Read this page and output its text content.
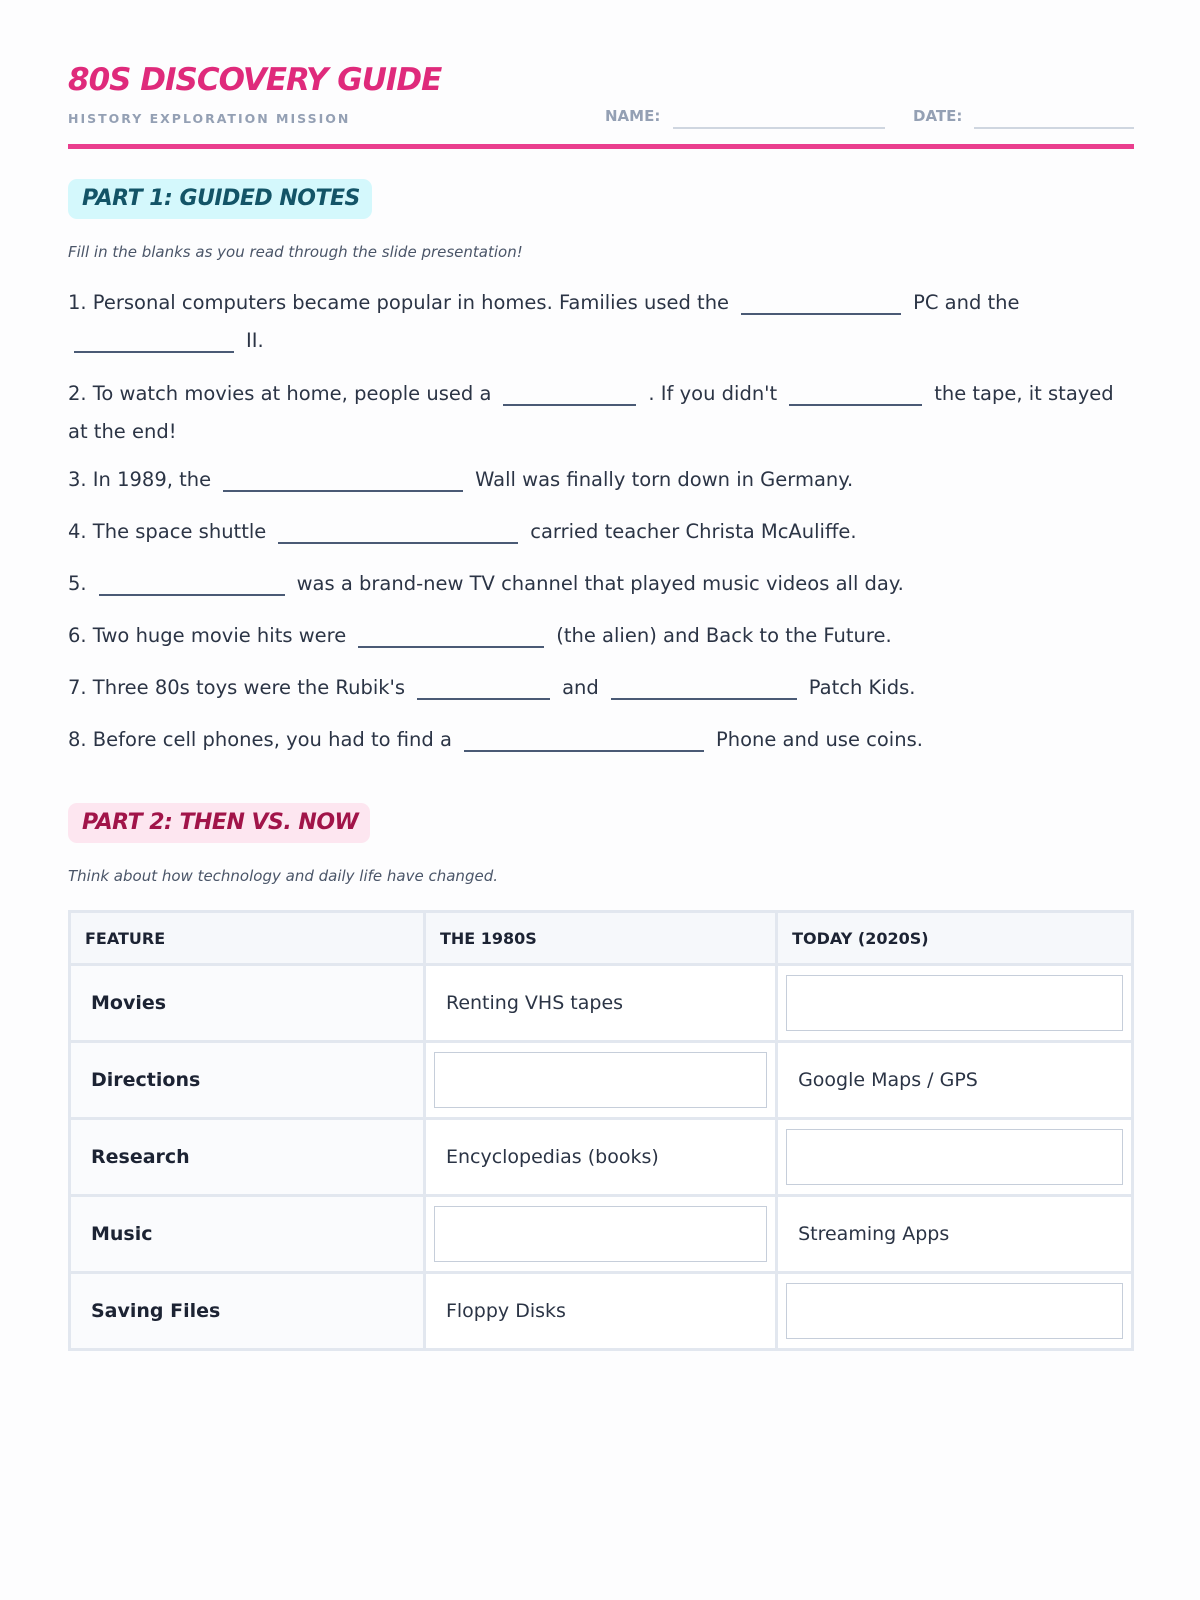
80S DISCOVERY GUIDE
HISTORY EXPLORATION MISSION	NAME:	DATE:
PART 1: GUIDED NOTES
Fill in the blanks as you read through the slide presentation!
1. Personal computers became popular in homes. Families used the	PC and the
II.
2. To watch movies at home, people used a	. If you didn't	the tape, it stayed at the end!
3. In 1989, the	Wall was finally torn down in Germany.
4. The space shuttle	carried teacher Christa McAuliffe.
5.	was a brand-new TV channel that played music videos all day.
6. Two huge movie hits were	(the alien) and Back to the Future.
7. Three 80s toys were the Rubik's	and	Patch Kids.
8. Before cell phones, you had to find a	Phone and use coins.
PART 2: THEN VS. NOW
Think about how technology and daily life have changed.
FEATURE	THE 1980S	TODAY (2020S)
Movies	Renting VHS tapes	

Directions		Google Maps / GPS
Research	Encyclopedias (books)	

Music		Streaming Apps
Saving Files	Floppy Disks	
